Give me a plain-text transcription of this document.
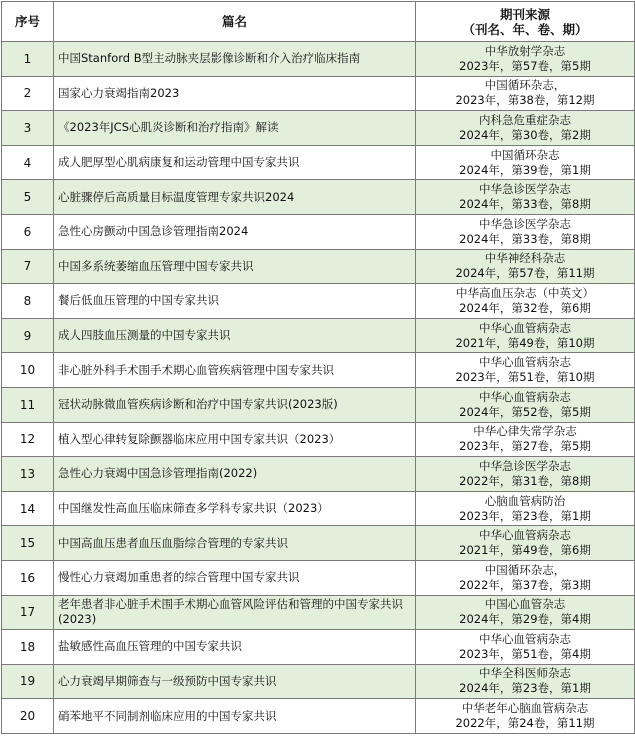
序号	篇名	期刊来源
（刊名、年、卷、期）

1	中国Stanford B型主动脉夹层影像诊断和介入治疗临床指南	中华放射学杂志
2023年，第57卷，第5期

2	国家心力衰竭指南2023	中国循环杂志，
2023年，第38卷，第12期

3	《2023年JCS心肌炎诊断和治疗指南》解读	内科急危重症杂志
2024年，第30卷，第2期

4	成人肥厚型心肌病康复和运动管理中国专家共识	中国循环杂志
2024年，第39卷，第1期

5	心脏骤停后高质量目标温度管理专家共识2024	中华急诊医学杂志
2024年，第33卷，第8期

6	急性心房颤动中国急诊管理指南2024	中华急诊医学杂志
2024年，第33卷，第8期

7	中国多系统萎缩血压管理中国专家共识	中华神经科杂志
2024年，第57卷，第11期

8	餐后低血压管理的中国专家共识	中华高血压杂志（中英文）
2024年，第32卷，第6期

9	成人四肢血压测量的中国专家共识	中华心血管病杂志
2021年，第49卷，第10期

10	非心脏外科手术围手术期心血管疾病管理中国专家共识	中华心血管病杂志
2023年，第51卷，第10期

11	冠状动脉微血管疾病诊断和治疗中国专家共识(2023版)	中华心血管病杂志
2024年，第52卷，第5期

12	植入型心律转复除颤器临床应用中国专家共识（2023）	中华心律失常学杂志
2023年，第27卷，第5期

13	急性心力衰竭中国急诊管理指南(2022)	中华急诊医学杂志
2022年，第31卷，第8期

14	中国继发性高血压临床筛查多学科专家共识（2023）	心脑血管病防治
2023年，第23卷，第1期

15	中国高血压患者血压血脂综合管理的专家共识	中华心血管病杂志
2021年，第49卷，第6期

16	慢性心力衰竭加重患者的综合管理中国专家共识	中国循环杂志，
2022年，第37卷，第3期

17	老年患者非心脏手术围手术期心血管风险评估和管理的中国专家共识(2023)	中国心血管杂志
2024年，第29卷，第4期

18	盐敏感性高血压管理的中国专家共识	中华心血管病杂志
2023年，第51卷，第4期

19	心力衰竭早期筛查与一级预防中国专家共识	中华全科医师杂志
2024年，第23卷，第1期

20	硝苯地平不同制剂临床应用的中国专家共识	中华老年心脑血管病杂志
2022年，第24卷，第11期
